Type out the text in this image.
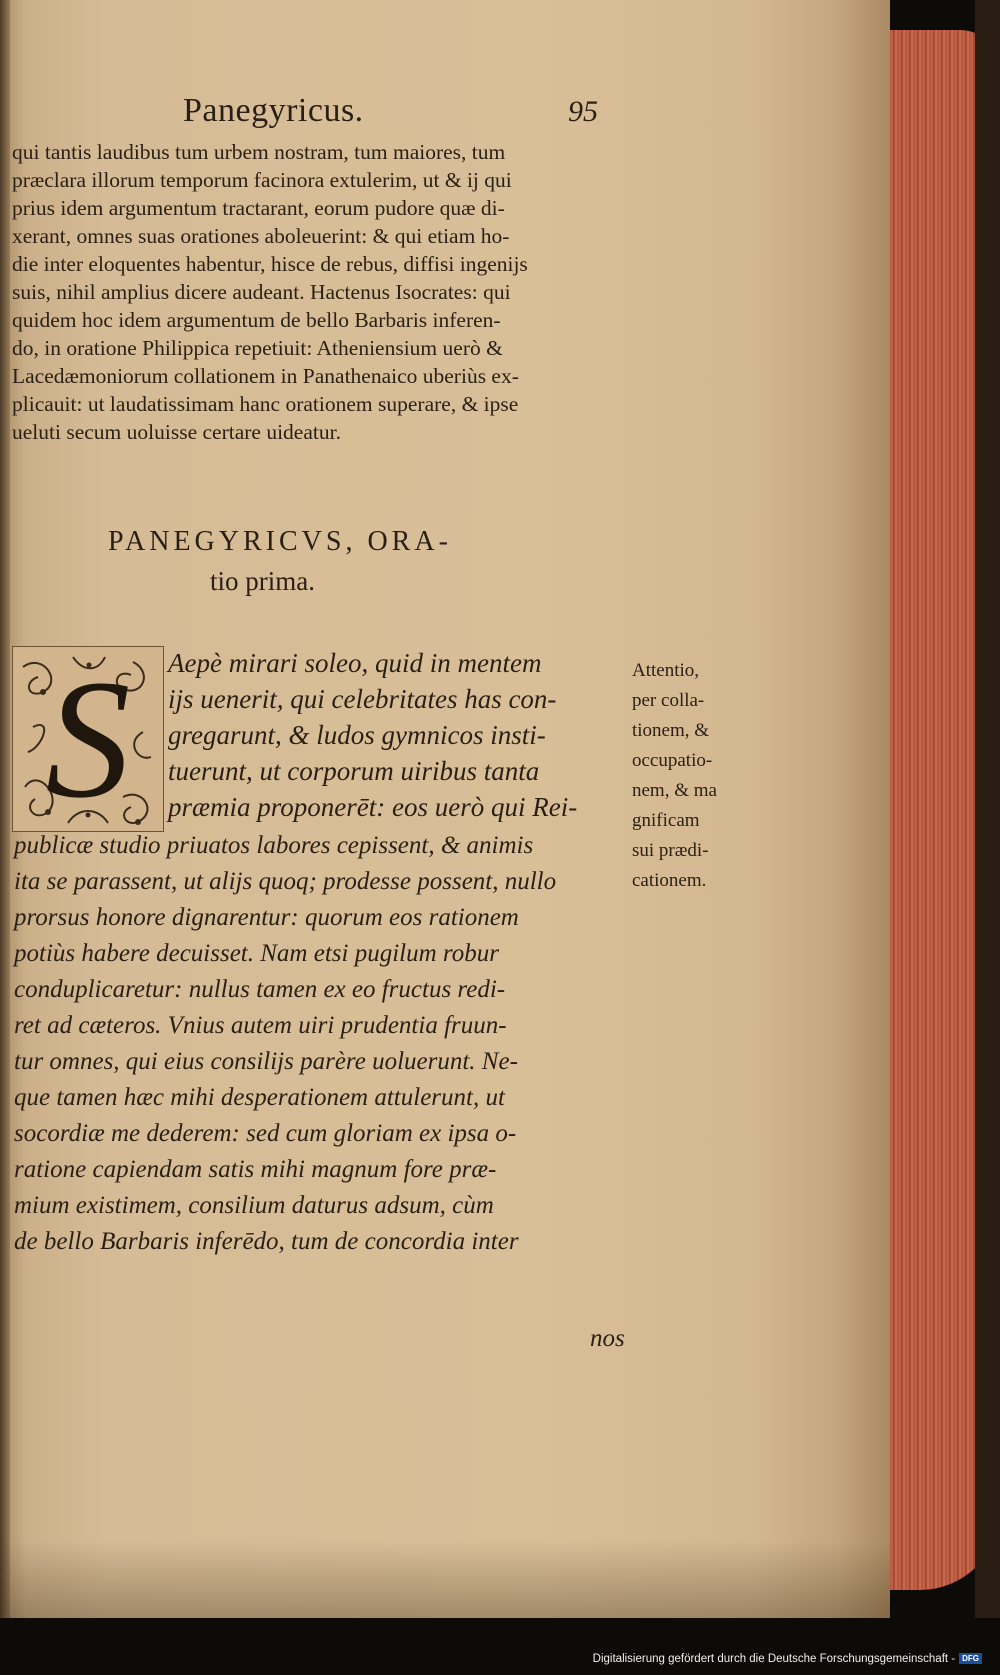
Panegyricus.	95
qui tantis laudibus tum urbem nostram, tum maiores, tum
præclara illorum temporum facinora extulerim, ut & ij qui
prius idem argumentum tractarant, eorum pudore quæ di-
xerant, omnes suas orationes aboleuerint: & qui etiam ho-
die inter eloquentes habentur, hisce de rebus, diffisi ingenijs
suis, nihil amplius dicere audeant. Hactenus Isocrates: qui
quidem hoc idem argumentum de bello Barbaris inferen-
do, in oratione Philippica repetiuit: Atheniensium uerò &
Lacedæmoniorum collationem in Panathenaico uberiùs ex-
plicauit: ut laudatissimam hanc orationem superare, & ipse
ueluti secum uoluisse certare uideatur.
PANEGYRICVS, ORA-
tio prima.
S	Aepè mirari soleo, quid in mentem
ijs uenerit, qui celebritates has con-
gregarunt, & ludos gymnicos insti-
tuerunt, ut corporum uiribus tanta
præmia proponerēt: eos uerò qui Rei-
publicæ studio priuatos labores cepissent, & animis
ita se parassent, ut alijs quoq; prodesse possent, nullo
prorsus honore dignarentur: quorum eos rationem
potiùs habere decuisset. Nam etsi pugilum robur
conduplicaretur: nullus tamen ex eo fructus redi-
ret ad cæteros. Vnius autem uiri prudentia fruun-
tur omnes, qui eius consilijs parère uoluerunt. Ne-
que tamen hæc mihi desperationem attulerunt, ut
socordiæ me dederem: sed cum gloriam ex ipsa o-
ratione capiendam satis mihi magnum fore præ-
mium existimem, consilium daturus adsum, cùm
de bello Barbaris inferēdo, tum de concordia inter
nos
Attentio,
per colla-
tionem, &
occupatio-
nem, & ma
gnificam
sui prædi-
cationem.
Digitalisierung gefördert durch die Deutsche Forschungsgemeinschaft - DFG
